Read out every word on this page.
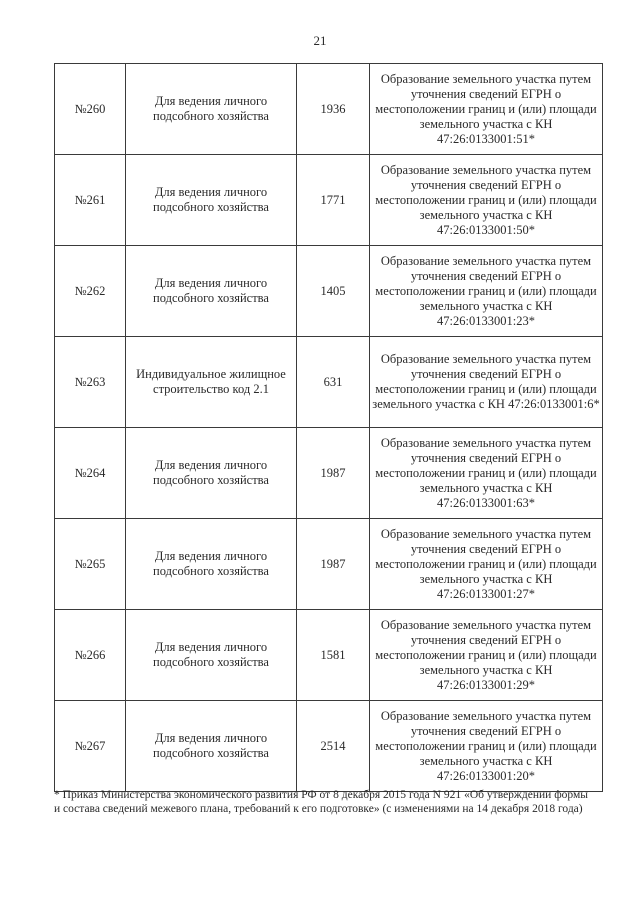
21
№260	Для ведения личного подсобного хозяйства	1936	Образование земельного участка путем уточнения сведений ЕГРН о местоположении границ и (или) площади земельного участка с КН 47:26:0133001:51*
№261	Для ведения личного подсобного хозяйства	1771	Образование земельного участка путем уточнения сведений ЕГРН о местоположении границ и (или) площади земельного участка с КН 47:26:0133001:50*
№262	Для ведения личного подсобного хозяйства	1405	Образование земельного участка путем уточнения сведений ЕГРН о местоположении границ и (или) площади земельного участка с КН 47:26:0133001:23*
№263	Индивидуальное жилищное строительство код 2.1	631	Образование земельного участка путем уточнения сведений ЕГРН о местоположении границ и (или) площади земельного участка с КН 47:26:0133001:6*
№264	Для ведения личного подсобного хозяйства	1987	Образование земельного участка путем уточнения сведений ЕГРН о местоположении границ и (или) площади земельного участка с КН 47:26:0133001:63*
№265	Для ведения личного подсобного хозяйства	1987	Образование земельного участка путем уточнения сведений ЕГРН о местоположении границ и (или) площади земельного участка с КН 47:26:0133001:27*
№266	Для ведения личного подсобного хозяйства	1581	Образование земельного участка путем уточнения сведений ЕГРН о местоположении границ и (или) площади земельного участка с КН 47:26:0133001:29*
№267	Для ведения личного подсобного хозяйства	2514	Образование земельного участка путем уточнения сведений ЕГРН о местоположении границ и (или) площади земельного участка с КН 47:26:0133001:20*
* Приказ Министерства экономического развития РФ от 8 декабря 2015 года N 921 «Об утверждении формы и состава сведений межевого плана, требований к его подготовке» (с изменениями на 14 декабря 2018 года)
